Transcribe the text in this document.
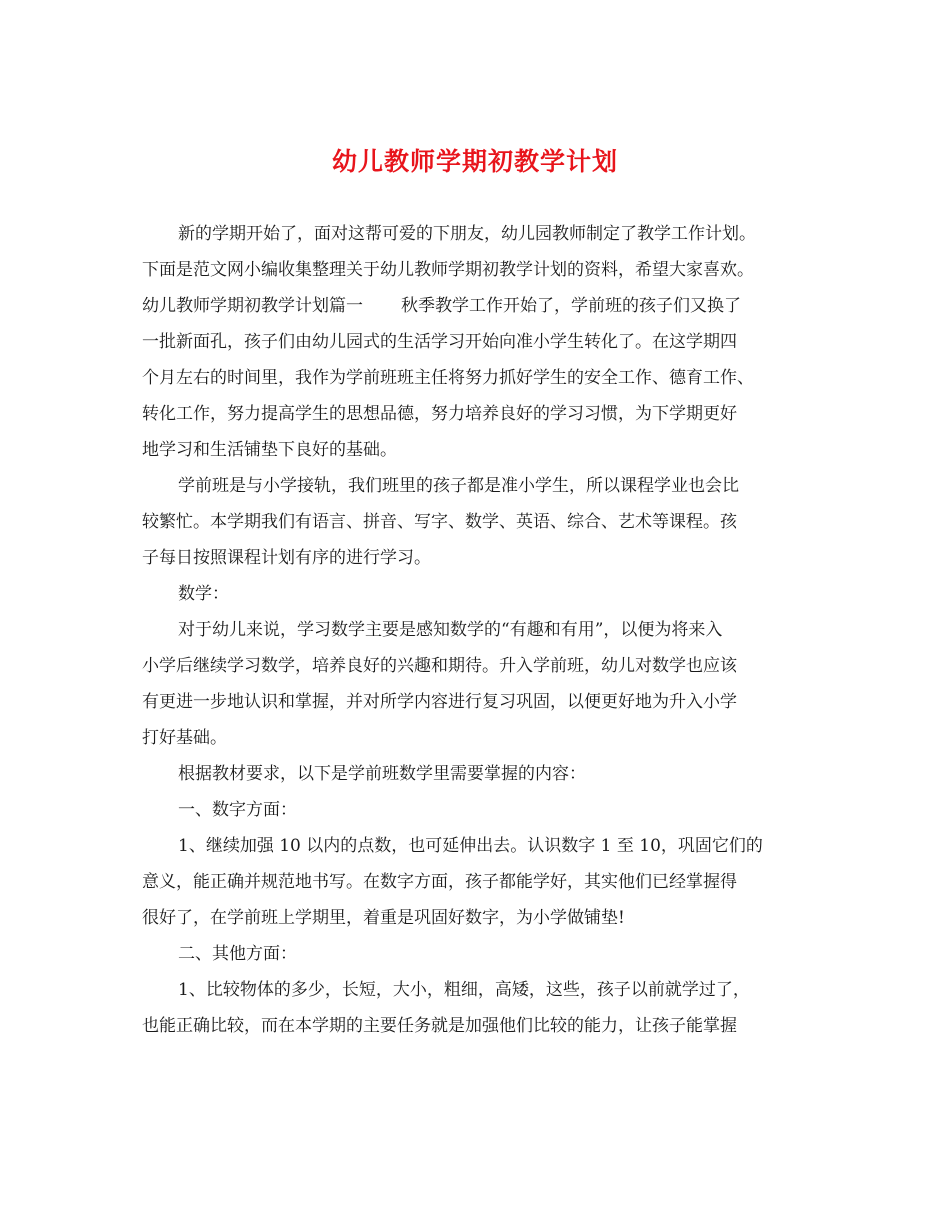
幼儿教师学期初教学计划
新的学期开始了，面对这帮可爱的下朋友，幼儿园教师制定了教学工作计划。
下面是范文网小编收集整理关于幼儿教师学期初教学计划的资料，希望大家喜欢。
幼儿教师学期初教学计划篇一 秋季教学工作开始了，学前班的孩子们又换了
一批新面孔，孩子们由幼儿园式的生活学习开始向准小学生转化了。在这学期四
个月左右的时间里，我作为学前班班主任将努力抓好学生的安全工作、德育工作、
转化工作，努力提高学生的思想品德，努力培养良好的学习习惯，为下学期更好
地学习和生活铺垫下良好的基础。
学前班是与小学接轨，我们班里的孩子都是准小学生，所以课程学业也会比
较繁忙。本学期我们有语言、拼音、写字、数学、英语、综合、艺术等课程。孩
子每日按照课程计划有序的进行学习。
数学：
对于幼儿来说，学习数学主要是感知数学的“有趣和有用”，以便为将来入
小学后继续学习数学，培养良好的兴趣和期待。升入学前班，幼儿对数学也应该
有更进一步地认识和掌握，并对所学内容进行复习巩固，以便更好地为升入小学
打好基础。
根据教材要求，以下是学前班数学里需要掌握的内容：
一、数字方面：
1、继续加强 10 以内的点数，也可延伸出去。认识数字 1 至 10，巩固它们的
意义，能正确并规范地书写。在数字方面，孩子都能学好，其实他们已经掌握得
很好了，在学前班上学期里，着重是巩固好数字，为小学做铺垫!
二、其他方面：
1、比较物体的多少，长短，大小，粗细，高矮，这些，孩子以前就学过了，
也能正确比较，而在本学期的主要任务就是加强他们比较的能力，让孩子能掌握
